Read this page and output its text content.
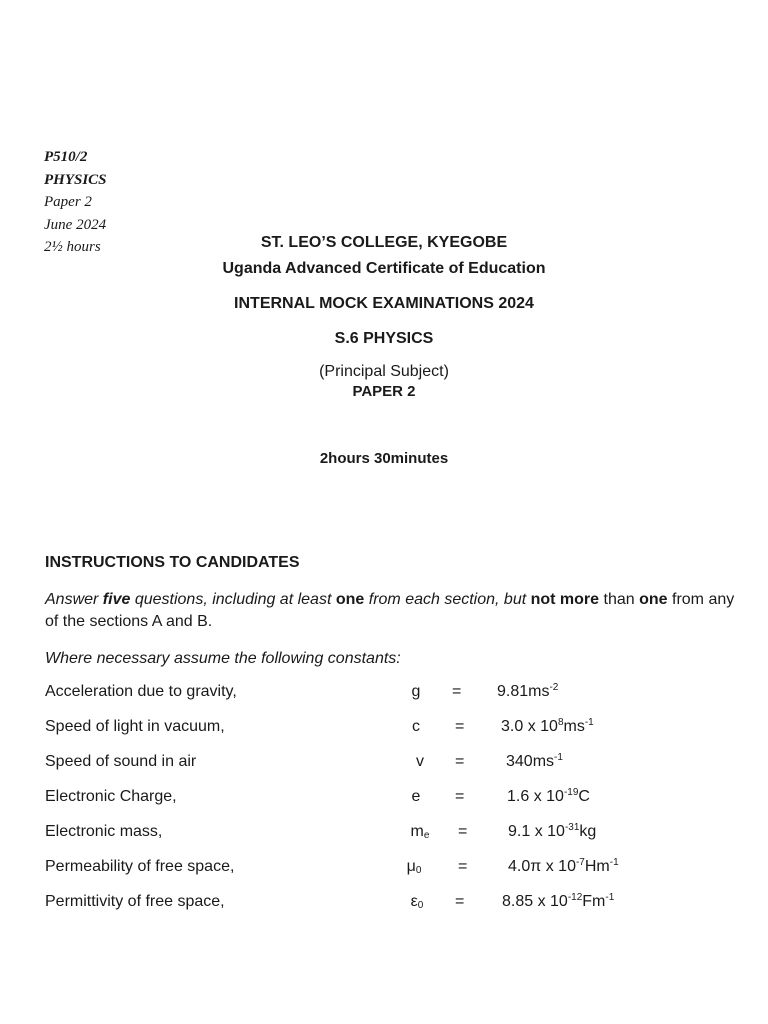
P510/2
PHYSICS
Paper 2
June 2024
2½ hours	ST. LEO’S COLLEGE, KYEGOBE
Uganda Advanced Certificate of Education
INTERNAL MOCK EXAMINATIONS 2024
S.6 PHYSICS
(Principal Subject)
PAPER 2
2hours 30minutes
INSTRUCTIONS TO CANDIDATES
Answer five questions, including at least one from each section, but not more than one from any of the sections A and B.
Where necessary assume the following constants:
Acceleration due to gravity,	g	= $9.81ms^{-2}$
Speed of light in vacuum,	c	= 3.0 x $10^8ms^{-1}$
Speed of sound in air	v	=	$340ms^{-1}$
Electronic Charge,	e	=	1.6 x $10^{-19}C$
Electronic mass,	$m_e$	=	9.1 x $10^{-31}kg$
Permeability of free space,	$\mu_0$	=	4.0π x $10^{-7}Hm^{-1}$
Permittivity of free space,	$\varepsilon_0$	= 8.85 x $10^{-12}Fm^{-1}$
